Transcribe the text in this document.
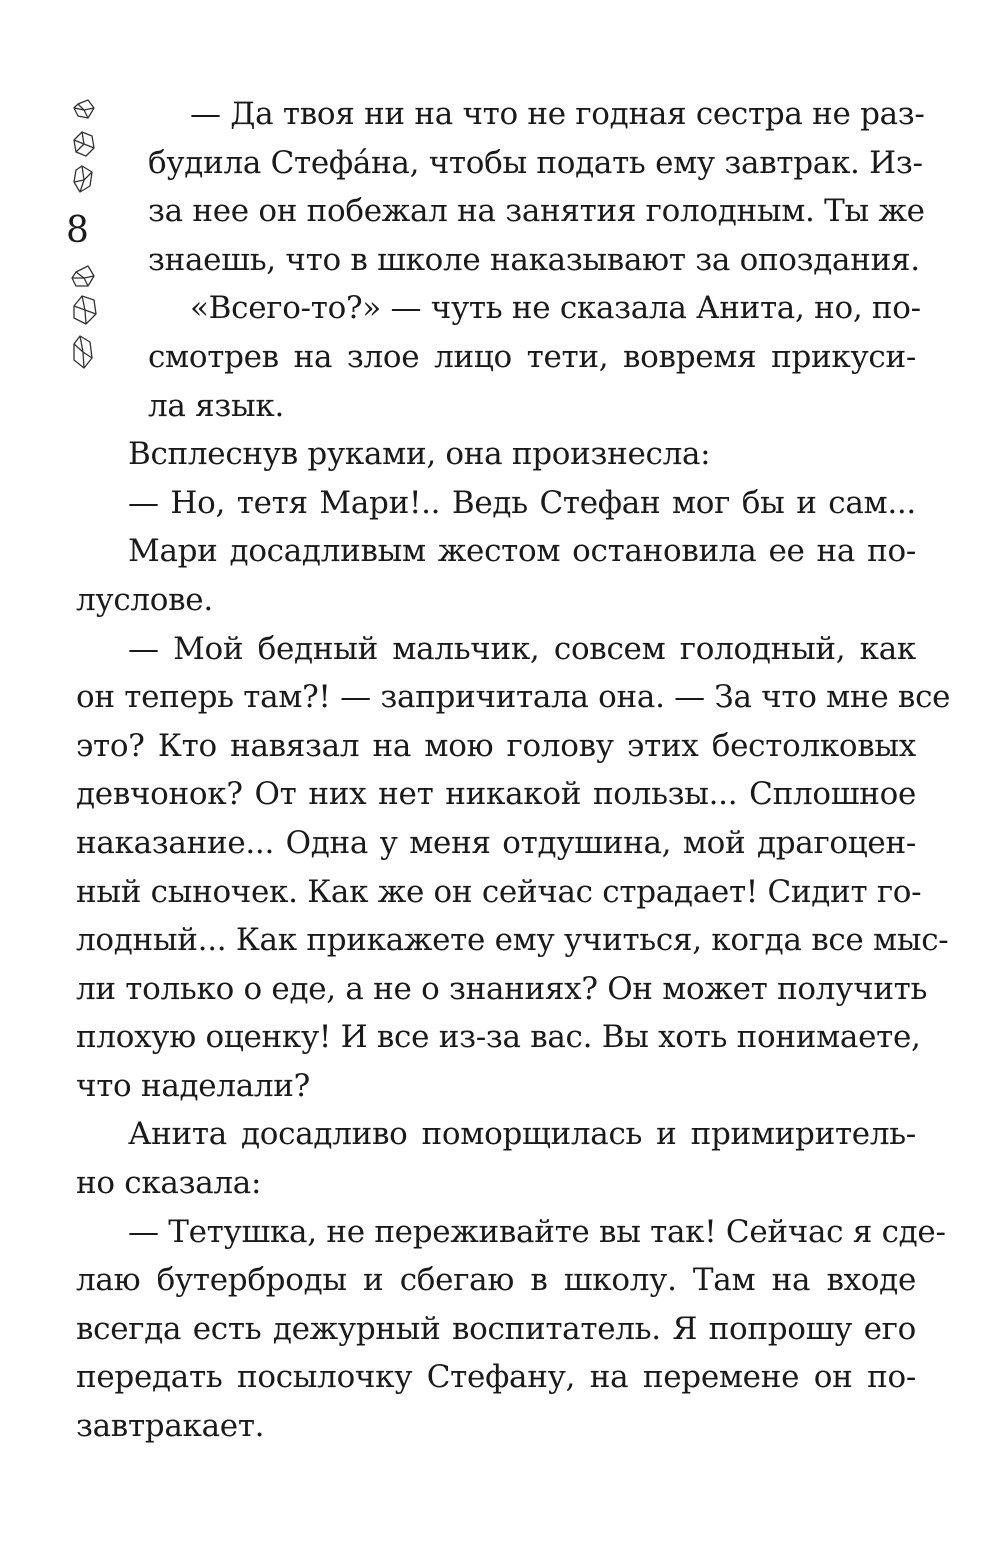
8
— Да твоя ни на что не годная сестра не раз-
будила Стефáна, чтобы подать ему завтрак. Из-
за нее он побежал на занятия голодным. Ты же
знаешь, что в школе наказывают за опоздания.
«Всего-то?» — чуть не сказала Анита, но, по-
смотрев на злое лицо тети, вовремя прикуси-
ла язык.
Всплеснув руками, она произнесла:
— Но, тетя Мари!.. Ведь Стефан мог бы и сам...
Мари досадливым жестом остановила ее на по-
луслове.
— Мой бедный мальчик, совсем голодный, как
он теперь там?! — запричитала она. — За что мне все
это? Кто навязал на мою голову этих бестолковых
девчонок? От них нет никакой пользы... Сплошное
наказание... Одна у меня отдушина, мой драгоцен-
ный сыночек. Как же он сейчас страдает! Сидит го-
лодный... Как прикажете ему учиться, когда все мыс-
ли только о еде, а не о знаниях? Он может получить
плохую оценку! И все из-за вас. Вы хоть понимаете,
что наделали?
Анита досадливо поморщилась и примиритель-
но сказала:
— Тетушка, не переживайте вы так! Сейчас я сде-
лаю бутерброды и сбегаю в школу. Там на входе
всегда есть дежурный воспитатель. Я попрошу его
передать посылочку Стефану, на перемене он по-
завтракает.
